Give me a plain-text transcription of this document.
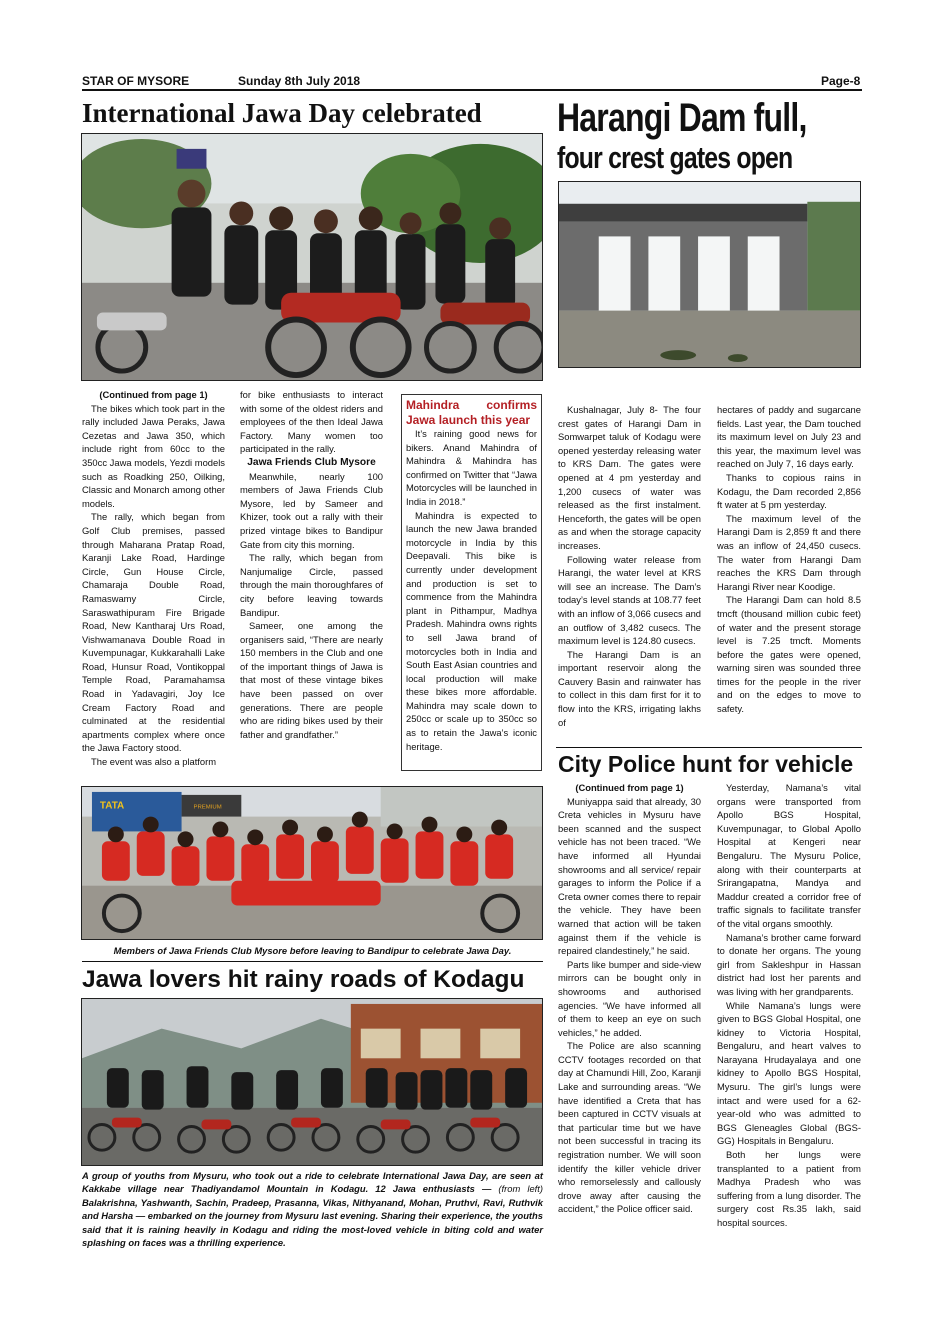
STAR OF MYSORE	Sunday 8th July 2018	Page-8
International Jawa Day celebrated Harangi Dam full,
four crest gates open

(Continued from page 1)

The bikes which took part in the rally included Jawa Peraks, Jawa Cezetas and Jawa 350, which include right from 60cc to the 350cc Jawa models, Yezdi models such as Roadking 250, Oilking, Classic and Monarch among other models.

The rally, which began from Golf Club premises, passed through Maharana Pratap Road, Karanji Lake Road, Hardinge Circle, Gun House Circle, Chamaraja Double Road, Ramaswamy Circle, Saraswathipuram Fire Brigade Road, New Kantharaj Urs Road, Vishwamanava Double Road in Kuvempunagar, Kukkarahalli Lake Road, Hunsur Road, Vontikoppal Temple Road, Paramahamsa Road in Yadavagiri, Joy Ice Cream Factory Road and culminated at the residential apartments complex where once the Jawa Factory stood.

The event was also a platform

for bike enthusiasts to interact with some of the oldest riders and employees of the then Ideal Jawa Factory. Many women too participated in the rally.

Jawa Friends Club Mysore

Meanwhile, nearly 100 members of Jawa Friends Club Mysore, led by Sameer and Khizer, took out a rally with their prized vintage bikes to Bandipur Gate from city this morning.

The rally, which began from Nanjumalige Circle, passed through the main thoroughfares of city before leaving towards Bandipur.

Sameer, one among the organisers said, “There are nearly 150 members in the Club and one of the important things of Jawa is that most of these vintage bikes have been passed on over generations. There are people who are riding bikes used by their father and grandfather.”

Mahindra confirms Jawa launch this year

It’s raining good news for bikers. Anand Mahindra of Mahindra & Mahindra has confirmed on Twitter that “Jawa Motorcycles will be launched in India in 2018.”

Mahindra is expected to launch the new Jawa branded motorcycle in India by this Deepavali. This bike is currently under development and production is set to commence from the Mahindra plant in Pithampur, Madhya Pradesh. Mahindra owns rights to sell Jawa brand of motorcycles both in India and South East Asian countries and local production will make these bikes more affordable. Mahindra may scale down to 250cc or scale up to 350cc so as to retain the Jawa’s iconic heritage.

Kushalnagar, July 8- The four crest gates of Harangi Dam in Somwarpet taluk of Kodagu were opened yesterday releasing water to KRS Dam. The gates were opened at 4 pm yesterday and 1,200 cusecs of water was released as the first instalment. Henceforth, the gates will be open as and when the storage capacity increases.

Following water release from Harangi, the water level at KRS will see an increase. The Dam’s today’s level stands at 108.77 feet with an inflow of 3,066 cusecs and an outflow of 3,482 cusecs. The maximum level is 124.80 cusecs.

The Harangi Dam is an important reservoir along the Cauvery Basin and rainwater has to collect in this dam first for it to flow into the KRS, irrigating lakhs of

hectares of paddy and sugarcane fields. Last year, the Dam touched its maximum level on July 23 and this year, the maximum level was reached on July 7, 16 days early.

Thanks to copious rains in Kodagu, the Dam recorded 2,856 ft water at 5 pm yesterday.

The maximum level of the Harangi Dam is 2,859 ft and there was an inflow of 24,450 cusecs. The water from Harangi Dam reaches the KRS Dam through Harangi River near Koodige.

The Harangi Dam can hold 8.5 tmcft (thousand million cubic feet) of water and the present storage level is 7.25 tmcft. Moments before the gates were opened, warning siren was sounded three times for the people in the river and on the edges to move to safety.

City Police hunt for vehicle

(Continued from page 1)

Muniyappa said that already, 30 Creta vehicles in Mysuru have been scanned and the suspect vehicle has not been traced. “We have informed all Hyundai showrooms and all service/ repair garages to inform the Police if a Creta owner comes there to repair the vehicle. They have been warned that action will be taken against them if the vehicle is repaired clandestinely,” he said.

Parts like bumper and side-view mirrors can be bought only in showrooms and authorised agencies. “We have informed all of them to keep an eye on such vehicles,” he added.

The Police are also scanning CCTV footages recorded on that day at Chamundi Hill, Zoo, Karanji Lake and surrounding areas. “We have identified a Creta that has been captured in CCTV visuals at that particular time but we have not been successful in tracing its registration number. We will soon identify the killer vehicle driver who remorselessly and callously drove away after causing the accident,” the Police officer said.

Yesterday, Namana’s vital organs were transported from Apollo BGS Hospital, Kuvempunagar, to Global Apollo Hospital at Kengeri near Bengaluru. The Mysuru Police, along with their counterparts at Srirangapatna, Mandya and Maddur created a corridor free of traffic signals to facilitate transfer of the vital organs smoothly.

Namana’s brother came forward to donate her organs. The young girl from Sakleshpur in Hassan district had lost her parents and was living with her grandparents.

While Namana’s lungs were given to BGS Global Hospital, one kidney to Victoria Hospital, Bengaluru, and heart valves to Narayana Hrudayalaya and one kidney to Apollo BGS Hospital, Mysuru. The girl’s lungs were intact and were used for a 62-year-old who was admitted to BGS Gleneagles Global (BGS-GG) Hospitals in Bengaluru.

Both her lungs were transplanted to a patient from Madhya Pradesh who was suffering from a lung disorder. The surgery cost Rs.35 lakh, said hospital sources.

TATA	PREMIUM
Members of Jawa Friends Club Mysore before leaving to Bandipur to celebrate Jawa Day.
Jawa lovers hit rainy roads of Kodagu
A group of youths from Mysuru, who took out a ride to celebrate International Jawa Day, are seen at Kakkabe village near Thadiyandamol Mountain in Kodagu. 12 Jawa enthusiasts — (from left) Balakrishna, Yashwanth, Sachin, Pradeep, Prasanna, Vikas, Nithyanand, Mohan, Pruthvi, Ravi, Ruthvik and Harsha — embarked on the journey from Mysuru last evening. Sharing their experience, the youths said that it is raining heavily in Kodagu and riding the most-loved vehicle in biting cold and water splashing on faces was a thrilling experience.
